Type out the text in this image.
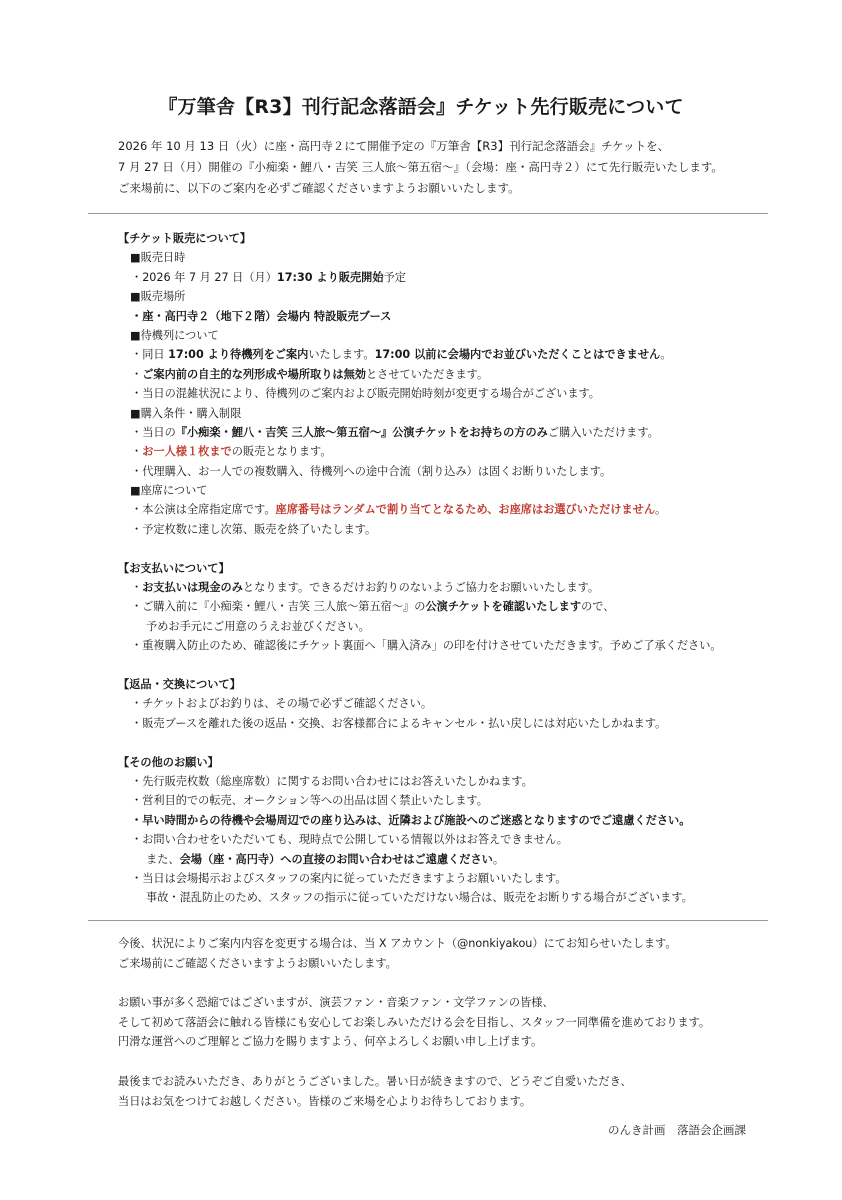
『万筆舎【R3】刊行記念落語会』チケット先行販売について
2026 年 10 月 13 日（火）に座・高円寺２にて開催予定の『万筆舎【R3】刊行記念落語会』チケットを、
7 月 27 日（月）開催の『小痴楽・鯉八・吉笑 三人旅〜第五宿〜』（会場：座・高円寺２）にて先行販売いたします。
ご来場前に、以下のご案内を必ずご確認くださいますようお願いいたします。
【チケット販売について】
■販売日時
・2026 年 7 月 27 日（月）17:30 より販売開始予定
■販売場所
・座・高円寺２（地下２階）会場内 特設販売ブース
■待機列について
・同日 17:00 より待機列をご案内いたします。17:00 以前に会場内でお並びいただくことはできません。
・ご案内前の自主的な列形成や場所取りは無効とさせていただきます。
・当日の混雑状況により、待機列のご案内および販売開始時刻が変更する場合がございます。
■購入条件・購入制限
・当日の『小痴楽・鯉八・吉笑 三人旅〜第五宿〜』公演チケットをお持ちの方のみご購入いただけます。
・お一人様１枚までの販売となります。
・代理購入、お一人での複数購入、待機列への途中合流（割り込み）は固くお断りいたします。
■座席について
・本公演は全席指定席です。座席番号はランダムで割り当てとなるため、お座席はお選びいただけません。
・予定枚数に達し次第、販売を終了いたします。
【お支払いについて】
・お支払いは現金のみとなります。できるだけお釣りのないようご協力をお願いいたします。
・ご購入前に『小痴楽・鯉八・吉笑 三人旅〜第五宿〜』の公演チケットを確認いたしますので、
予めお手元にご用意のうえお並びください。
・重複購入防止のため、確認後にチケット裏面へ「購入済み」の印を付けさせていただきます。予めご了承ください。
【返品・交換について】
・チケットおよびお釣りは、その場で必ずご確認ください。
・販売ブースを離れた後の返品・交換、お客様都合によるキャンセル・払い戻しには対応いたしかねます。
【その他のお願い】
・先行販売枚数（総座席数）に関するお問い合わせにはお答えいたしかねます。
・営利目的での転売、オークション等への出品は固く禁止いたします。
・早い時間からの待機や会場周辺での座り込みは、近隣および施設へのご迷惑となりますのでご遠慮ください。
・お問い合わせをいただいても、現時点で公開している情報以外はお答えできません。
また、会場（座・高円寺）への直接のお問い合わせはご遠慮ください。
・当日は会場掲示およびスタッフの案内に従っていただきますようお願いいたします。
事故・混乱防止のため、スタッフの指示に従っていただけない場合は、販売をお断りする場合がございます。
今後、状況によりご案内内容を変更する場合は、当 X アカウント（@nonkiyakou）にてお知らせいたします。
ご来場前にご確認くださいますようお願いいたします。
お願い事が多く恐縮ではございますが、演芸ファン・音楽ファン・文学ファンの皆様、
そして初めて落語会に触れる皆様にも安心してお楽しみいただける会を目指し、スタッフ一同準備を進めております。
円滑な運営へのご理解とご協力を賜りますよう、何卒よろしくお願い申し上げます。
最後までお読みいただき、ありがとうございました。暑い日が続きますので、どうぞご自愛いただき、
当日はお気をつけてお越しください。皆様のご来場を心よりお待ちしております。
のんき計画　落語会企画課
